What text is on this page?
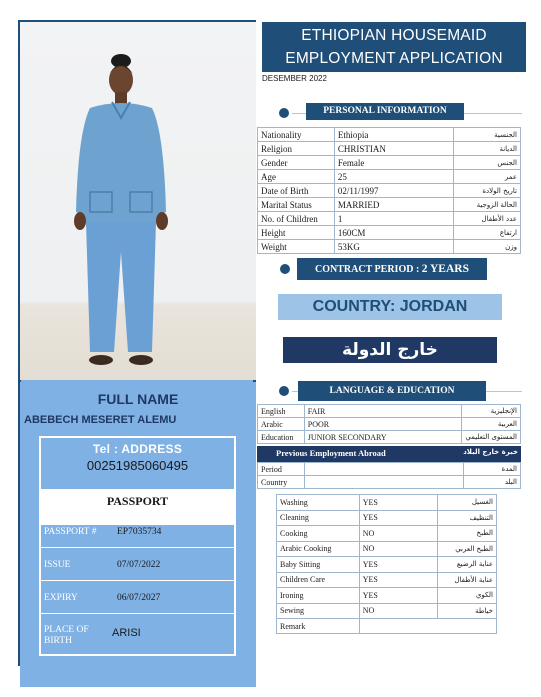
FULL NAME
ABEBECH MESERET ALEMU
Tel : ADDRESS
00251985060495
PASSPORT
PASSPORT # EP7035734
ISSUE	07/07/2022
EXPIRY	06/07/2027
PLACE OF
BIRTH
ARISI
ETHIOPIAN HOUSEMAID
EMPLOYMENT APPLICATION
DESEMBER 2022
PERSONAL INFORMATION
Nationality	Ethiopia	الجنسية
Religion	CHRISTIAN	الديانة
Gender	Female	الجنس
Age	25	عمر
Date of Birth	02/11/1997	تاريخ الولادة
Marital Status	MARRIED	الحالة الزوجية
No. of Children	1	عدد الأطفال
Height	160CM	ارتفاع
Weight	53KG	وزن
CONTRACT PERIOD : 2 YEARS
COUNTRY: JORDAN
خارج الدولة
LANGUAGE & EDUCATION
English	FAIR	الإنجليزية
Arabic	POOR	العربية
Education	JUNIOR SECONDARY	المستوى التعليمي
Previous Employment Abroad	خبرة خارج البلاد
Period		المدة
Country		البلد
Washing	YES	الغسيل
Cleaning	YES	التنظيف
Cooking	NO	الطبخ
Arabic Cooking	NO	الطبخ العربي
Baby Sitting	YES	عناية الرضيع
Children Care	YES	عناية الأطفال
Ironing	YES	الكوي
Sewing	NO	خياطة
Remark		
